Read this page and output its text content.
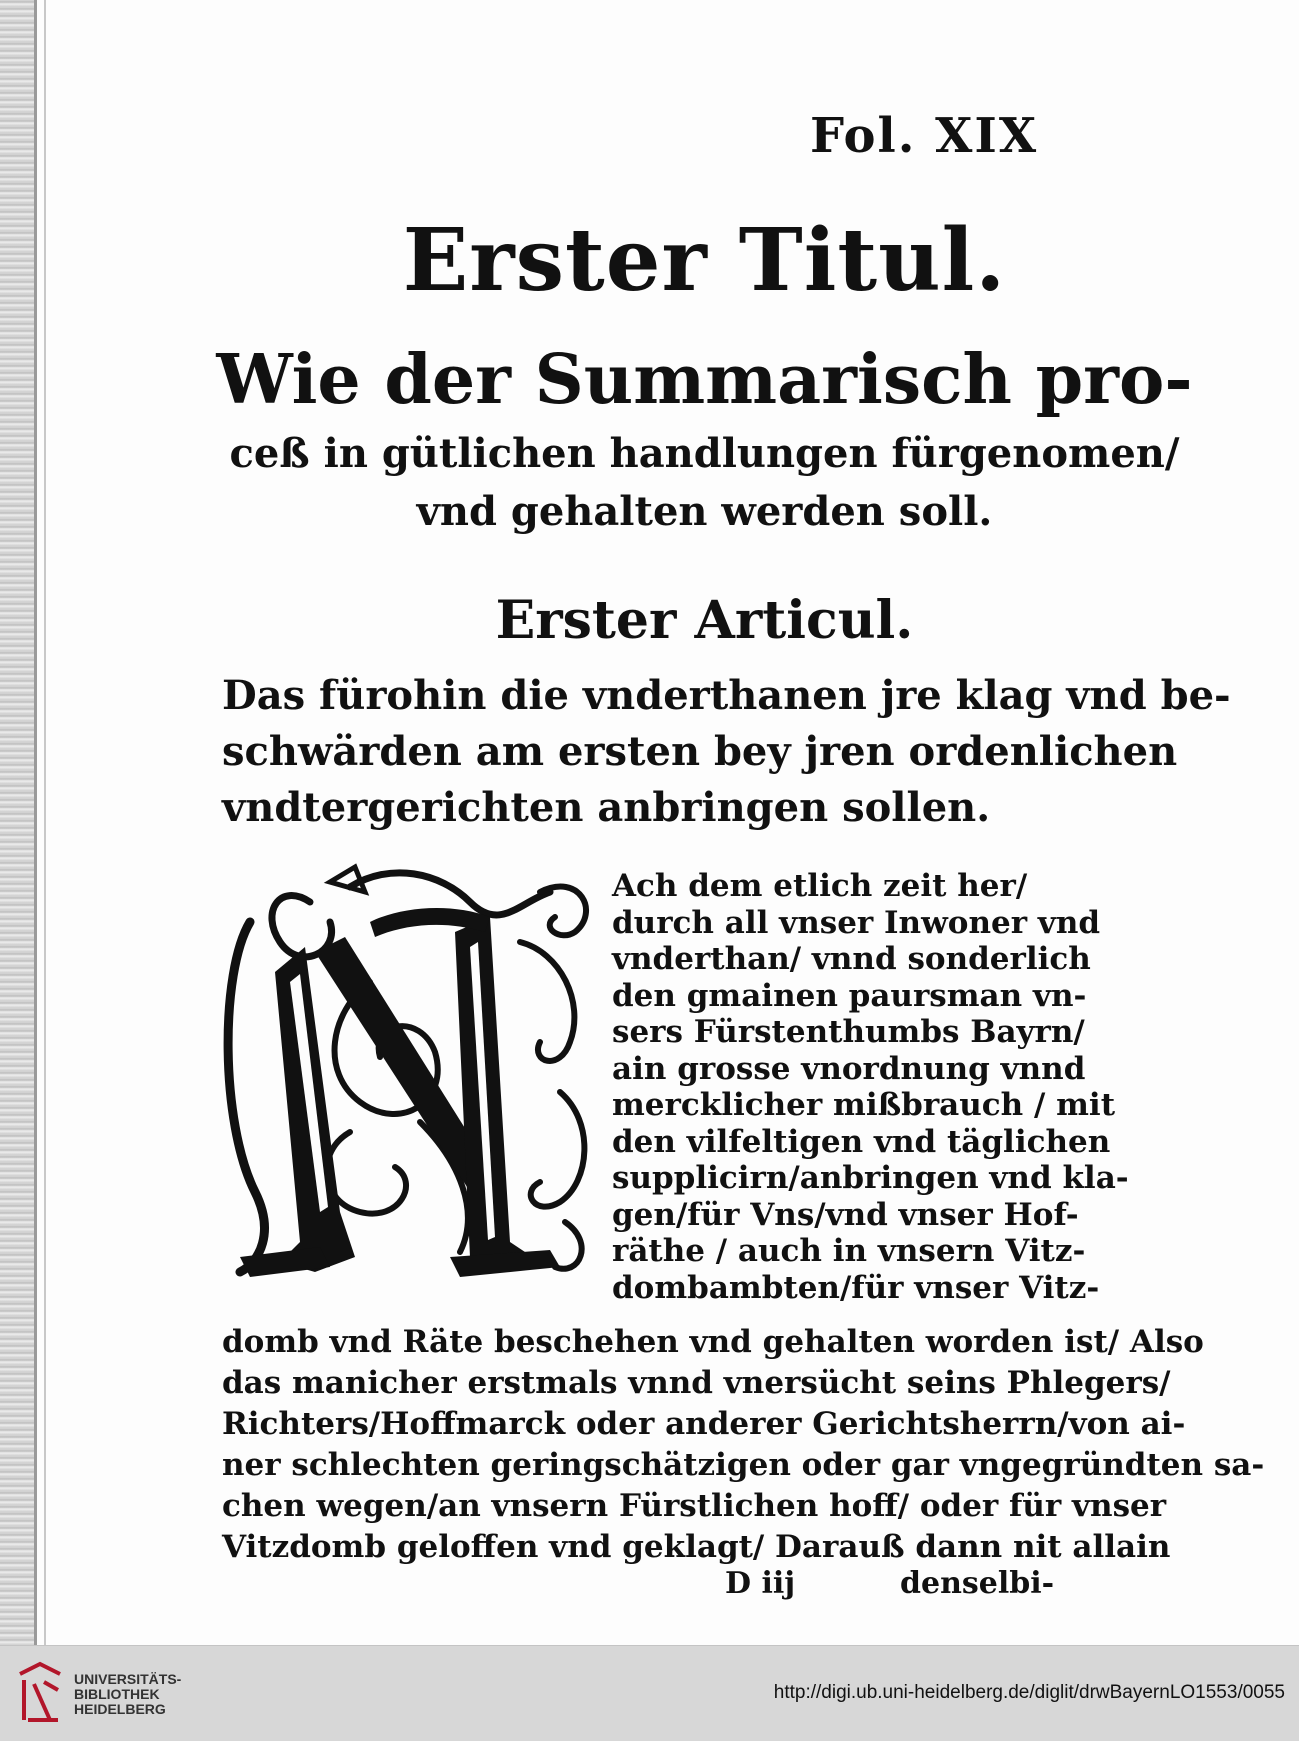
Fol. XIX
Erster Titul.
Wie der Summarisch pro-
ceß in gütlichen handlungen fürgenomen/
vnd gehalten werden soll.
Erster Articul.
Das fürohin die vnderthanen jre klag vnd be-
schwärden am ersten bey jren ordenlichen
vndtergerichten anbringen sollen.
Ach dem etlich zeit her/
durch all vnser Inwoner vnd
vnderthan/ vnnd sonderlich
den gmainen paursman vn-
sers Fürstenthumbs Bayrn/
ain grosse vnordnung vnnd
mercklicher mißbrauch / mit
den vilfeltigen vnd täglichen
supplicirn/anbringen vnd kla-
gen/für Vns/vnd vnser Hof-
räthe / auch in vnsern Vitz-
dombambten/für vnser Vitz-
domb vnd Räte beschehen vnd gehalten worden ist/ Also
das manicher erstmals vnnd vnersücht seins Phlegers/
Richters/Hoffmarck oder anderer Gerichtsherrn/von ai-
ner schlechten geringschätzigen oder gar vngegründten sa-
chen wegen/an vnsern Fürstlichen hoff/ oder für vnser
Vitzdomb geloffen vnd geklagt/ Darauß dann nit allain
D iij	denselbi-
UNIVERSITÄTS-
BIBLIOTHEK
HEIDELBERG
http://digi.ub.uni-heidelberg.de/diglit/drwBayernLO1553/0055
